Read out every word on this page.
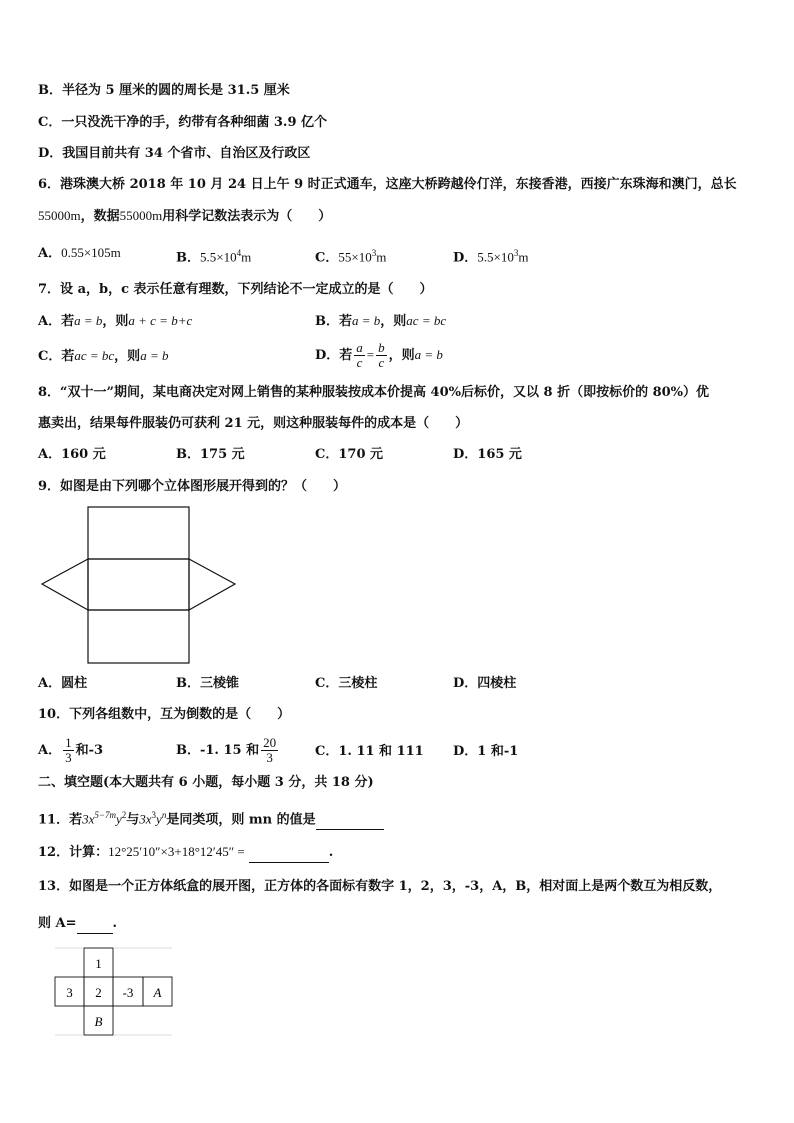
B．半径为 5 厘米的圆的周长是 31.5 厘米
C．一只没洗干净的手，约带有各种细菌 3.9 亿个
D．我国目前共有 34 个省市、自治区及行政区
6．港珠澳大桥 2018 年 10 月 24 日上午 9 时正式通车，这座大桥跨越伶仃洋，东接香港，西接广东珠海和澳门，总长
55000m，数据55000m用科学记数法表示为（　　）
A．0.55×105m	B．$5.5\times 10^4m$	C．$55\times 10^3m$	D．$5.5\times 10^3m$
7．设 a，b，c 表示任意有理数，下列结论不一定成立的是（　　）
A．若a = b，则a + c = b+c	B．若a = b，则ac = bc
C．若ac = bc，则a = b	D．若 $\frac{a}{c} = \frac{b}{c}$ ，则a = b
8．“双十一”期间，某电商决定对网上销售的某种服装按成本价提高 40%后标价，又以 8 折（即按标价的 80%）优
惠卖出，结果每件服装仍可获利 21 元，则这种服装每件的成本是（　　）
A．160 元	B．175 元	C．170 元	D．165 元
9．如图是由下列哪个立体图形展开得到的？（　　）
A．圆柱	B．三棱锥	C．三棱柱	D．四棱柱
10．下列各组数中，互为倒数的是（　　）
A． $\frac{1}{3}$ 和-3	B．-1. 15 和 $\frac{20}{3}$	C．1. 11 和 111 D．1 和-1
二、填空题(本大题共有 6 小题，每小题 3 分，共 18 分)
11．若$3x^{5-7m}y^2$与$3x^3y^n$是同类项，则 mn 的值是
12．计算：12°25′10″×3+18°12′45″ =	.
13．如图是一个正方体纸盒的展开图，正方体的各面标有数字 1，2，3，-3，A，B，相对面上是两个数互为相反数，
则 A=	.
1
3 2 -3 A
B
